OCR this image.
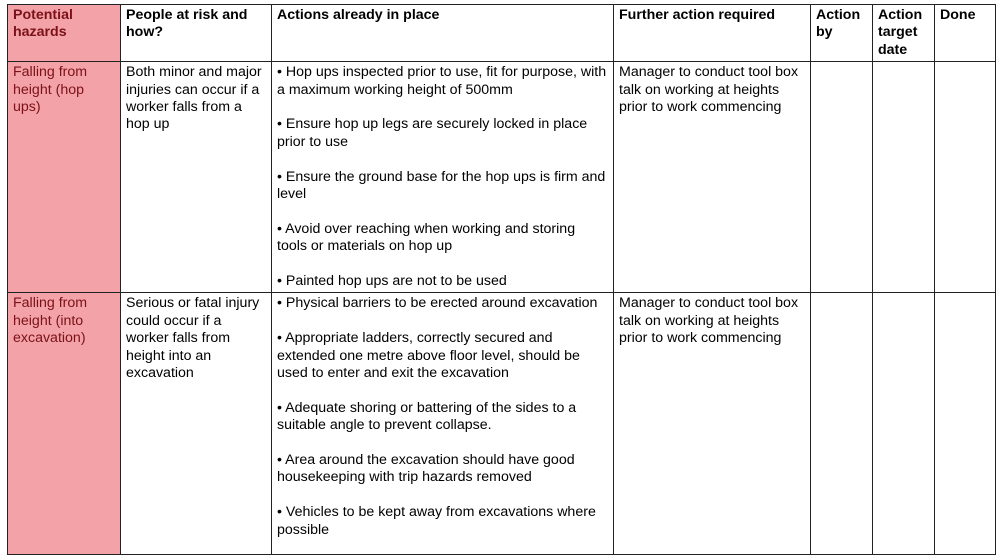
Potential hazards	People at risk and how?	Actions already in place	Further action required	Action by	Action target date	Done
Falling from height (hop ups)	Both minor and major injuries can occur if a worker falls from a hop up	• Hop ups inspected prior to use, fit for purpose, with a maximum working height of 500mm

• Ensure hop up legs are securely locked in place prior to use

• Ensure the ground base for the hop ups is firm and level

• Avoid over reaching when working and storing tools or materials on hop up

• Painted hop ups are not to be used	Manager to conduct tool box talk on working at heights prior to work commencing			
Falling from height (into excavation)	Serious or fatal injury could occur if a worker falls from height into an excavation	• Physical barriers to be erected around excavation

• Appropriate ladders, correctly secured and extended one metre above floor level, should be used to enter and exit the excavation

• Adequate shoring or battering of the sides to a suitable angle to prevent collapse.

• Area around the excavation should have good housekeeping with trip hazards removed

• Vehicles to be kept away from excavations where possible	Manager to conduct tool box talk on working at heights prior to work commencing			
